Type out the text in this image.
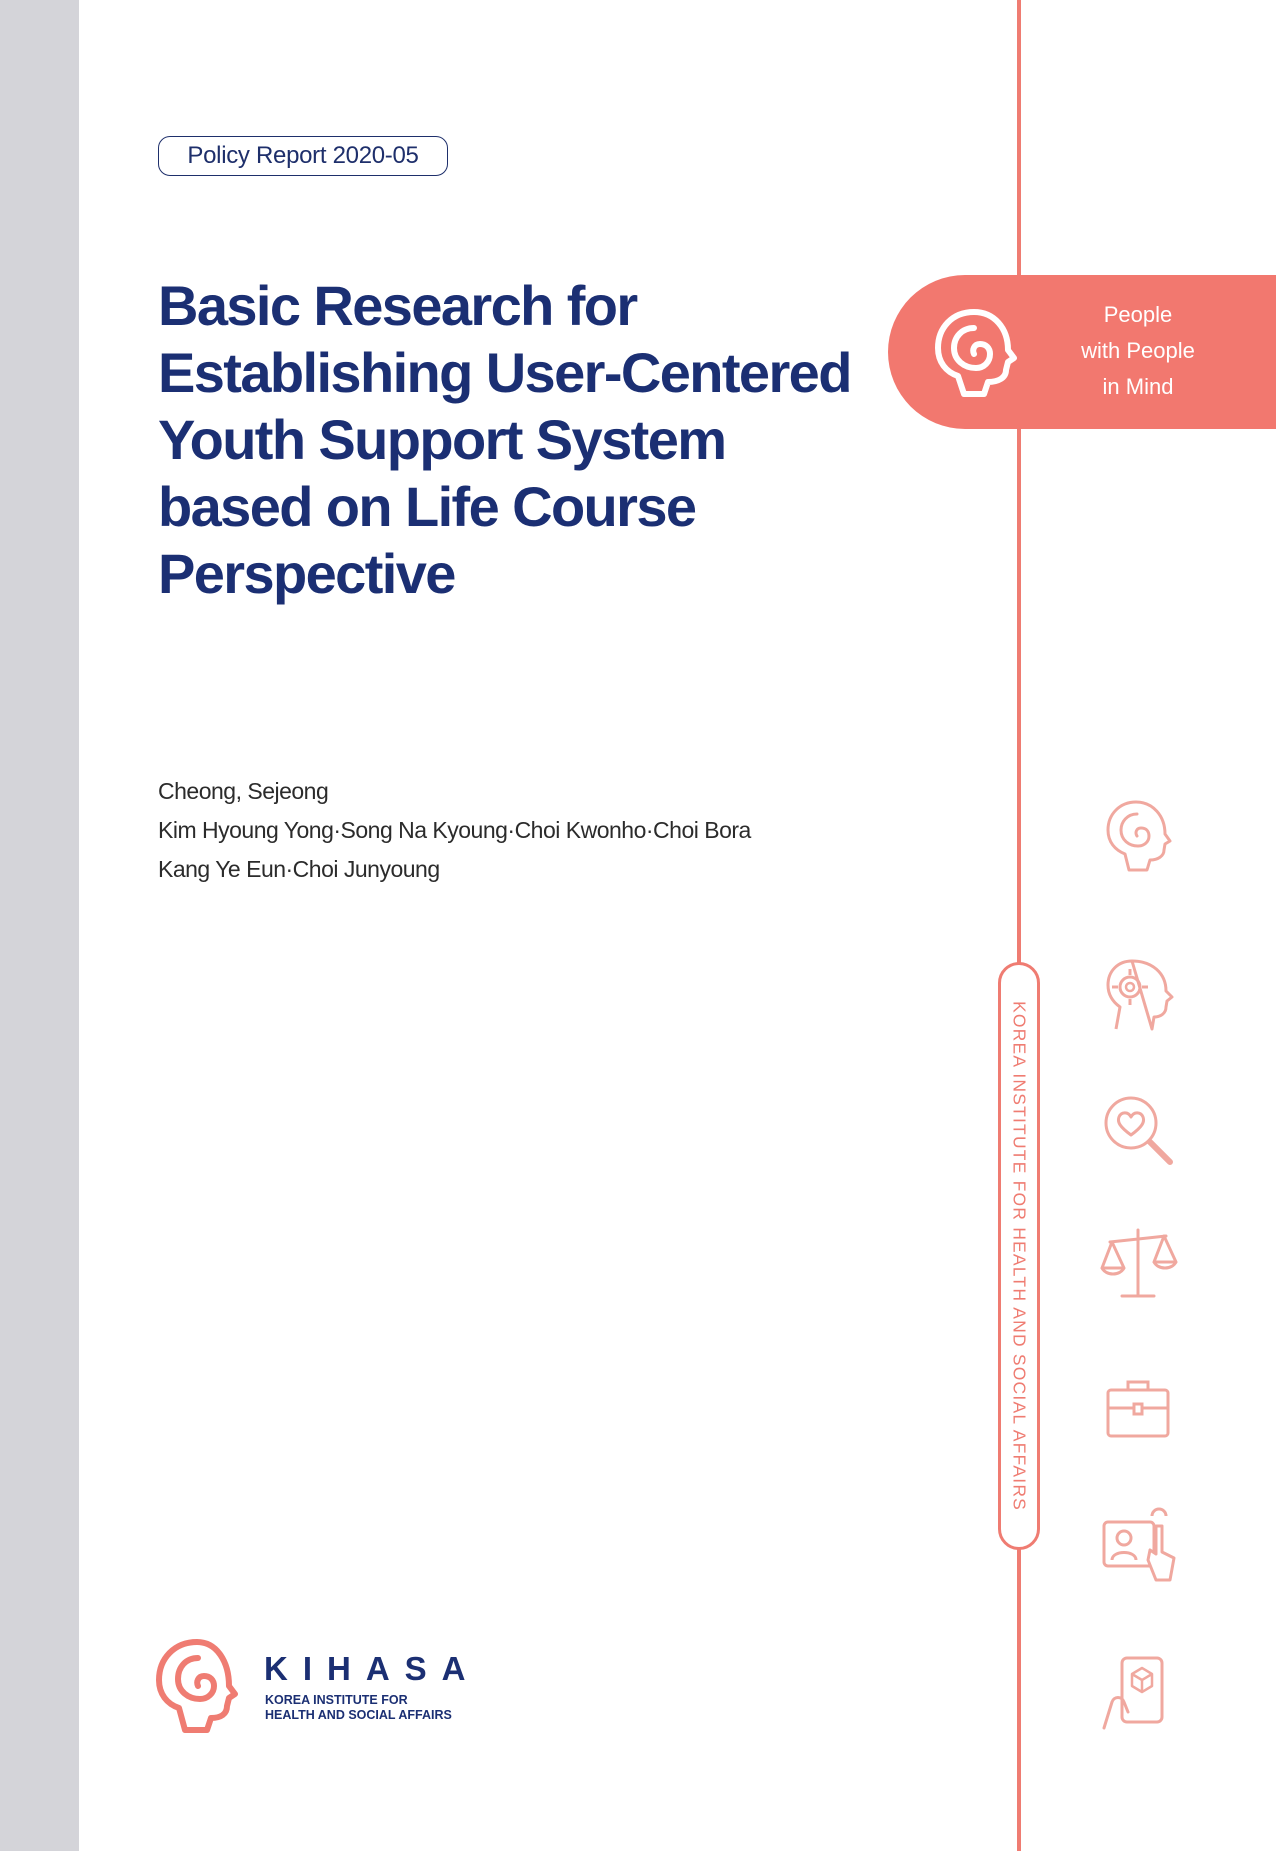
Policy Report 2020-05
Basic Research for
Establishing User-Centered
Youth Support System
based on Life Course
Perspective
Cheong, Sejeong
Kim Hyoung Yong·Song Na Kyoung·Choi Kwonho·Choi Bora
Kang Ye Eun·Choi Junyoung
People
with People
in Mind
KOREA INSTITUTE FOR HEALTH AND SOCIAL AFFAIRS
KIHASA
KOREA INSTITUTE FOR
HEALTH AND SOCIAL AFFAIRS
